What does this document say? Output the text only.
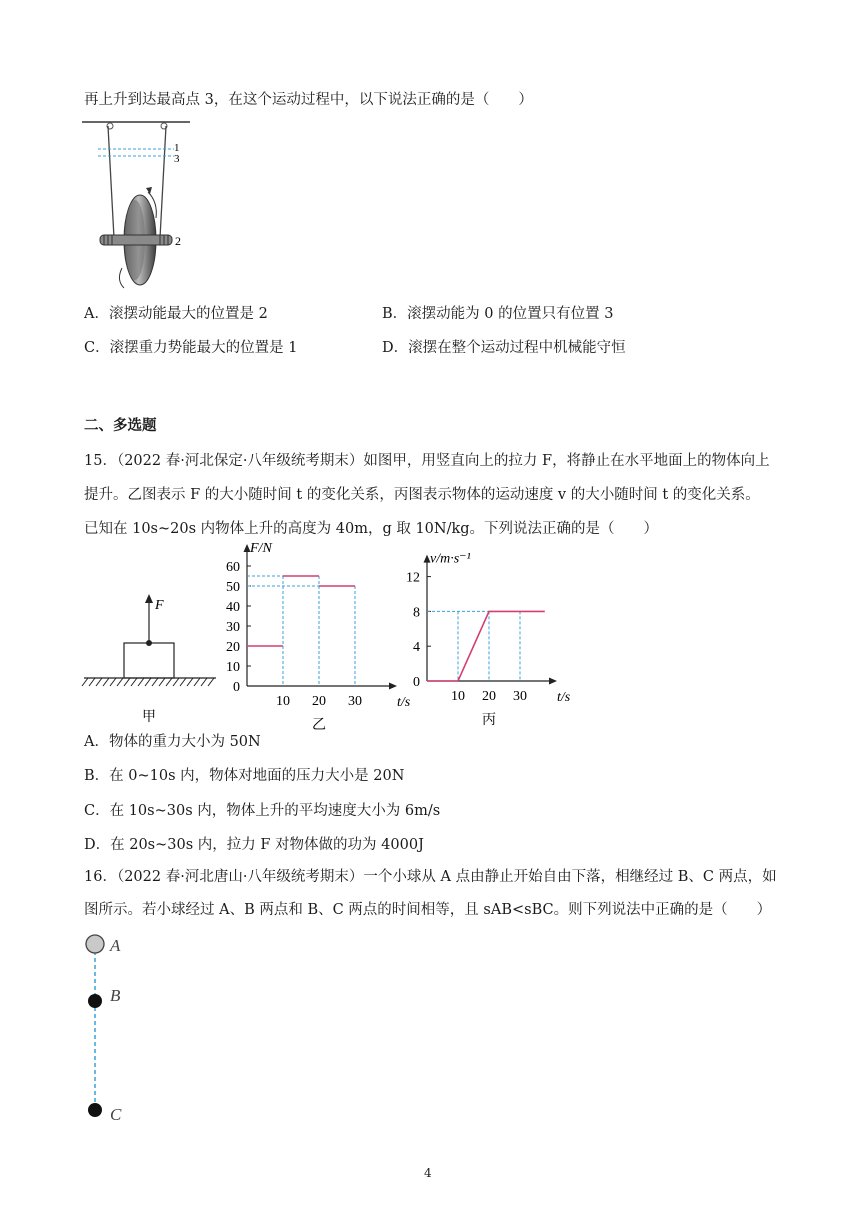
再上升到达最高点 3，在这个运动过程中，以下说法正确的是（　　）
1
3
2
A．滚摆动能最大的位置是 2	B．滚摆动能为 0 的位置只有位置 3
C．滚摆重力势能最大的位置是 1	D．滚摆在整个运动过程中机械能守恒
二、多选题
15．（2022 春·河北保定·八年级统考期末）如图甲，用竖直向上的拉力 F，将静止在水平地面上的物体向上
提升。乙图表示 F 的大小随时间 t 的变化关系，丙图表示物体的运动速度 v 的大小随时间 t 的变化关系。
已知在 10s~20s 内物体上升的高度为 40m，g 取 10N/kg。下列说法正确的是（　　）
F
甲
60
50
40
30
20
10
0
10 20 30	t/s
F/N
乙
12
8
4
0
10 20 30 t/s
v/m·s⁻¹
丙
A．物体的重力大小为 50N
B．在 0~10s 内，物体对地面的压力大小是 20N
C．在 10s~30s 内，物体上升的平均速度大小为 6m/s
D．在 20s~30s 内，拉力 F 对物体做的功为 4000J
16．（2022 春·河北唐山·八年级统考期末）一个小球从 A 点由静止开始自由下落，相继经过 B、C 两点，如
图所示。若小球经过 A、B 两点和 B、C 两点的时间相等，且 sAB<sBC。则下列说法中正确的是（　　）
A
B
C
4
